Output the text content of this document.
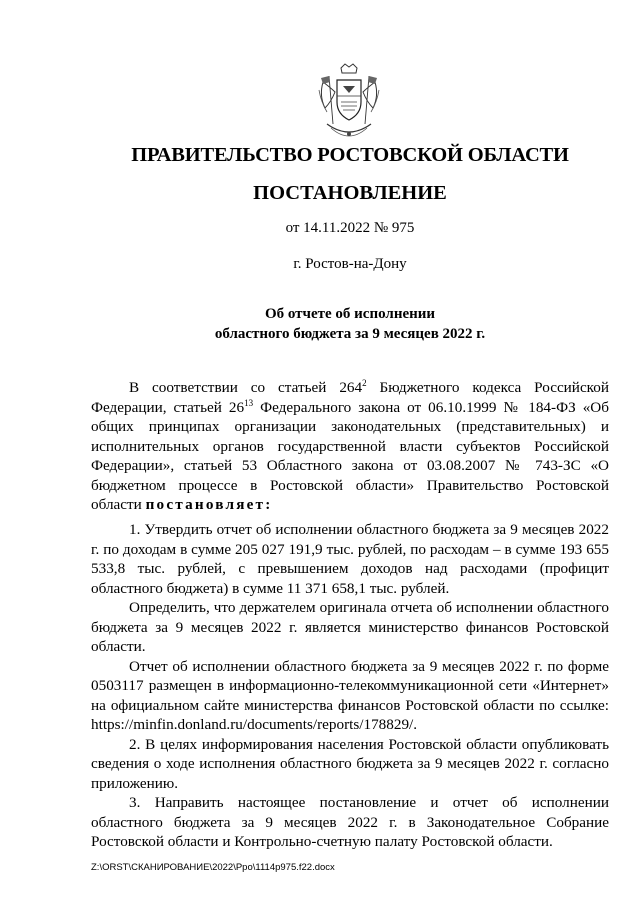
ПРАВИТЕЛЬСТВО РОСТОВСКОЙ ОБЛАСТИ
ПОСТАНОВЛЕНИЕ
от 14.11.2022 № 975
г. Ростов-на-Дону
Об отчете об исполнении
областного бюджета за 9 месяцев 2022 г.

В соответствии со статьей $264^2$ Бюджетного кодекса Российской Федерации, статьей $26^{13}$ Федерального закона от 06.10.1999 № 184-ФЗ «Об общих принципах организации законодательных (представительных) и исполнительных органов государственной власти субъектов Российской Федерации», статьей 53 Областного закона от 03.08.2007 № 743-ЗС «О бюджетном процессе в Ростовской области» Правительство Ростовской области постановляет:

1. Утвердить отчет об исполнении областного бюджета за 9 месяцев 2022 г. по доходам в сумме 205 027 191,9 тыс. рублей, по расходам – в сумме 193 655 533,8 тыс. рублей, с превышением доходов над расходами (профицит областного бюджета) в сумме 11 371 658,1 тыс. рублей.

Определить, что держателем оригинала отчета об исполнении областного бюджета за 9 месяцев 2022 г. является министерство финансов Ростовской области.

Отчет об исполнении областного бюджета за 9 месяцев 2022 г. по форме 0503117 размещен в информационно-телекоммуникационной сети «Интернет» на официальном сайте министерства финансов Ростовской области по ссылке: https://minfin.donland.ru/documents/reports/178829/.

2. В целях информирования населения Ростовской области опубликовать сведения о ходе исполнения областного бюджета за 9 месяцев 2022 г. согласно приложению.

3. Направить настоящее постановление и отчет об исполнении областного бюджета за 9 месяцев 2022 г. в Законодательное Собрание Ростовской области и Контрольно-счетную палату Ростовской области.

Z:\ORST\СКАНИРОВАНИЕ\2022\Ppo\1114p975.f22.docx
